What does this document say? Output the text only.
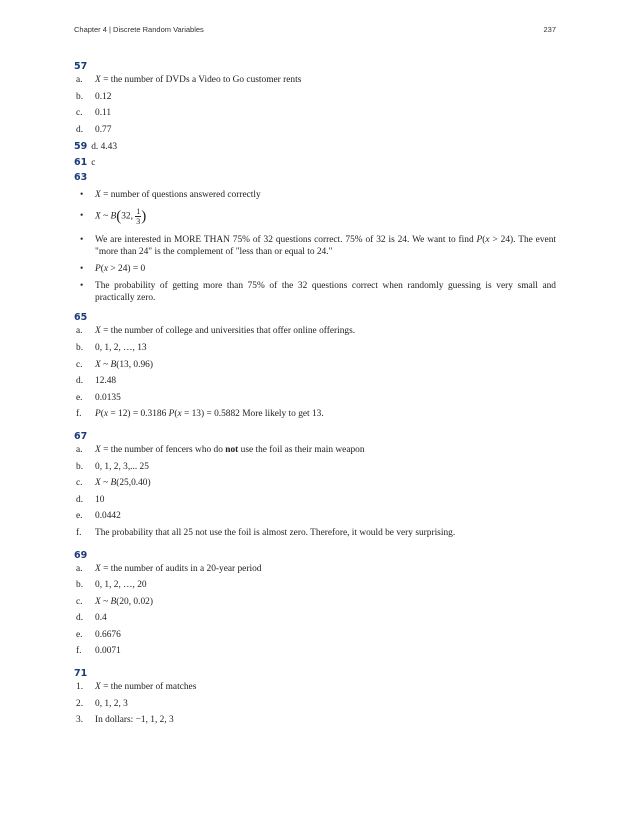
Chapter 4 | Discrete Random Variables	237
57
a.	X = the number of DVDs a Video to Go customer rents
b.	0.12
c.	0.11
d.	0.77
59 d. 4.43
61 c
63
• X = number of questions answered correctly
• X ~ B(32, $\frac{1}{3}$ )
• We are interested in MORE THAN 75% of 32 questions correct. 75% of 32 is 24. We want to find P(x > 24). The event "more than 24" is the complement of "less than or equal to 24."
• P(x > 24) = 0
• The probability of getting more than 75% of the 32 questions correct when randomly guessing is very small and practically zero.
65
a.	X = the number of college and universities that offer online offerings.
b.	0, 1, 2, …, 13
c.	X ~ B(13, 0.96)
d.	12.48
e.	0.0135
f.	P(x = 12) = 0.3186 P(x = 13) = 0.5882 More likely to get 13.
67
a.	X = the number of fencers who do not use the foil as their main weapon
b.	0, 1, 2, 3,... 25
c.	X ~ B(25,0.40)
d.	10
e.	0.0442
f.	The probability that all 25 not use the foil is almost zero. Therefore, it would be very surprising.
69
a.	X = the number of audits in a 20-year period
b.	0, 1, 2, …, 20
c.	X ~ B(20, 0.02)
d.	0.4
e.	0.6676
f.	0.0071
71
1.	X = the number of matches
2.	0, 1, 2, 3
3.	In dollars: −1, 1, 2, 3
